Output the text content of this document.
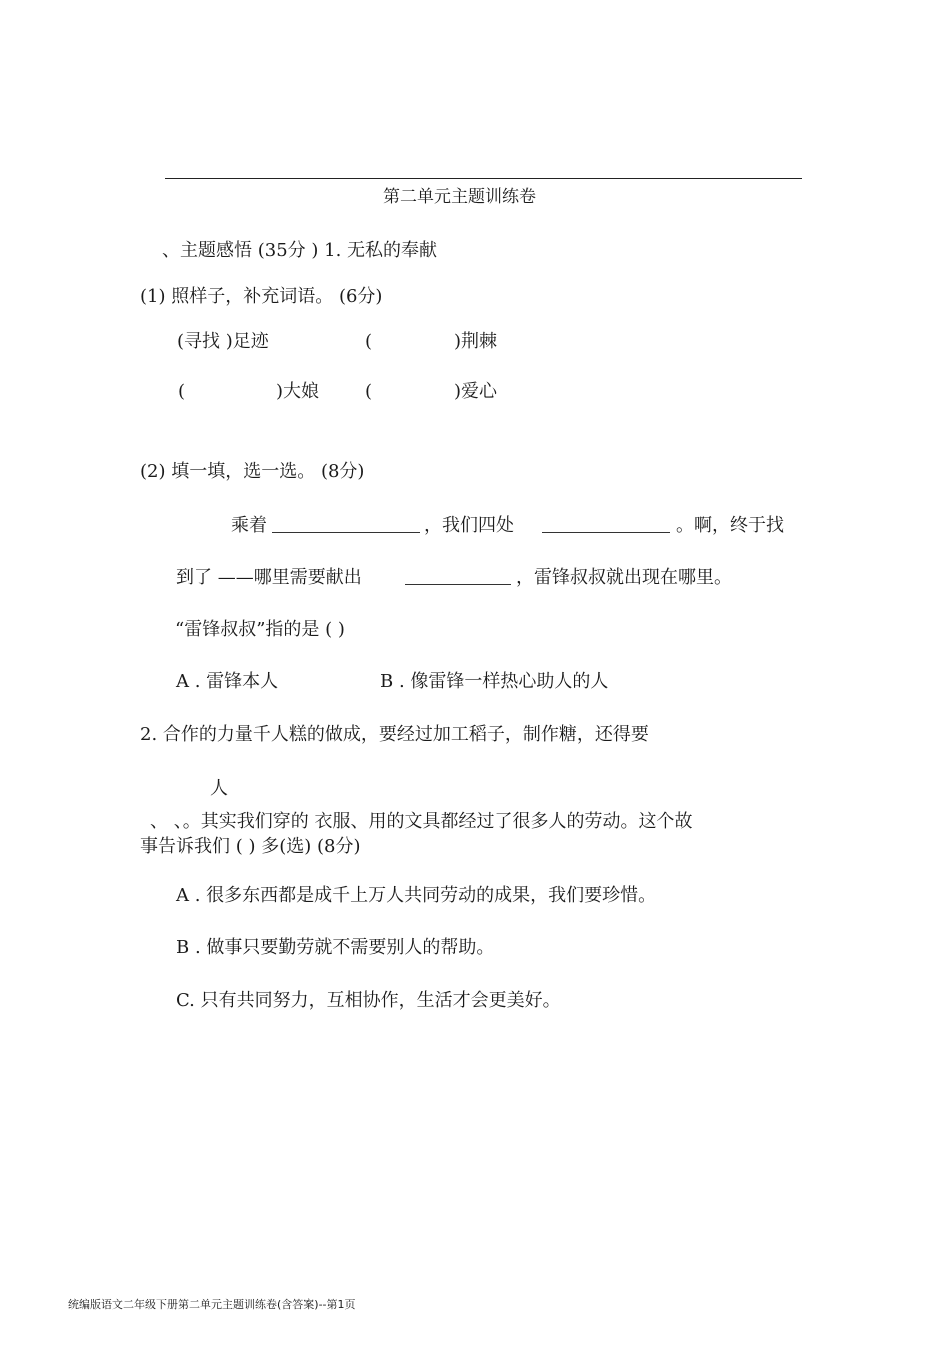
第二单元主题训练卷
、主题感悟 (35分 ) 1. 无私的奉献
(1) 照样子，补充词语。 (6分)
(寻找 )足迹	(	)荆棘
(	)大娘	(	)爱心
(2) 填一填，选一选。 (8分)
乘着	，我们四处	。啊，终于找
到了 ——哪里需要献出	，雷锋叔叔就出现在哪里。
“雷锋叔叔”指的是 ( )
A . 雷锋本人	B . 像雷锋一样热心助人的人
2. 合作的力量千人糕的做成，要经过加工稻子，制作糖，还得要
人
、 、。其实我们穿的 衣服、用的文具都经过了很多人的劳动。这个故
事告诉我们 ( ) 多(选) (8分)
A . 很多东西都是成千上万人共同劳动的成果，我们要珍惜。
B . 做事只要勤劳就不需要别人的帮助。
C. 只有共同努力，互相协作，生活才会更美好。
统编版语文二年级下册第二单元主题训练卷(含答案)--第1页
